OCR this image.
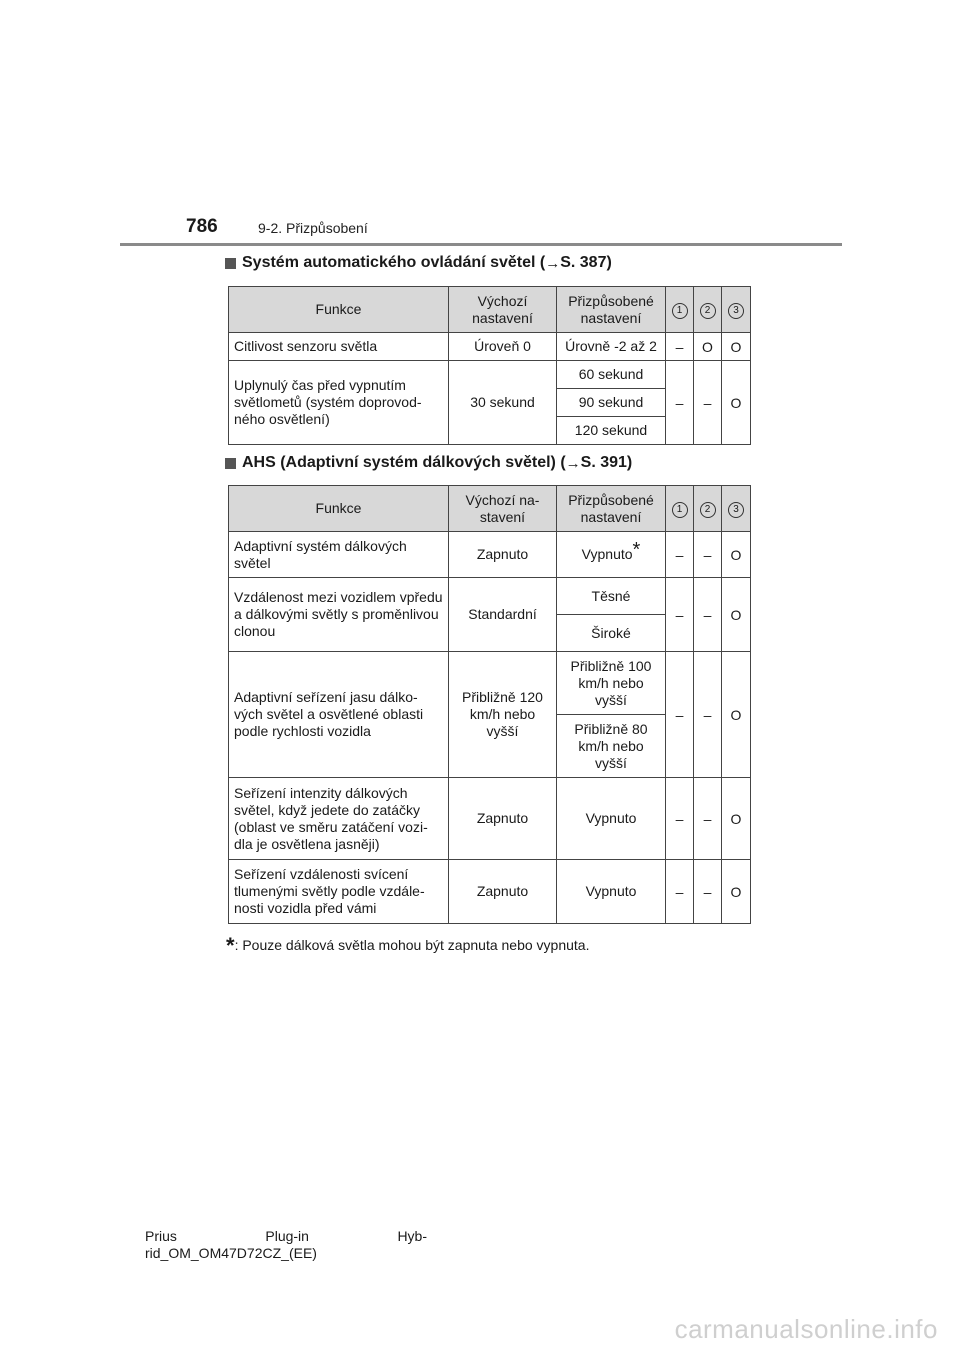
786	9-2. Přizpůsobení
Systém automatického ovládání světel ( → S. 387)
Funkce	Výchozí nastavení	Přizpůsobené nastavení	1	2	3
Citlivost senzoru světla	Úroveň 0	Úrovně -2 až 2	–	O	O
Uplynulý čas před vypnutím světlometů (systém doprovod-ného osvětlení)	30 sekund	60 sekund	–	–	O
		90 sekund			
		120 sekund			
AHS (Adaptivní systém dálkových světel) ( → S. 391)
Funkce	Výchozí na-stavení	Přizpůsobené nastavení	1	2	3
Adaptivní systém dálkových světel	Zapnuto	Vypnuto*	–	–	O
Vzdálenost mezi vozidlem vpředu a dálkovými světly s proměnlivou clonou	Standardní	Těsné	–	–	O
		Široké			
Adaptivní seřízení jasu dálko-vých světel a osvětlené oblasti podle rychlosti vozidla	Přibližně 120 km/h nebo vyšší	Přibližně 100 km/h nebo vyšší	–	–	O
		Přibližně 80 km/h nebo vyšší			
Seřízení intenzity dálkových světel, když jedete do zatáčky (oblast ve směru zatáčení vozi-dla je osvětlena jasněji)	Zapnuto	Vypnuto	–	–	O
Seřízení vzdálenosti svícení tlumenými světly podle vzdále-nosti vozidla před vámi	Zapnuto	Vypnuto	–	–	O
*: Pouze dálková světla mohou být zapnuta nebo vypnuta.
Prius	Plug-in	Hyb-
rid_OM_OM47D72CZ_(EE)
carmanualsonline.info
